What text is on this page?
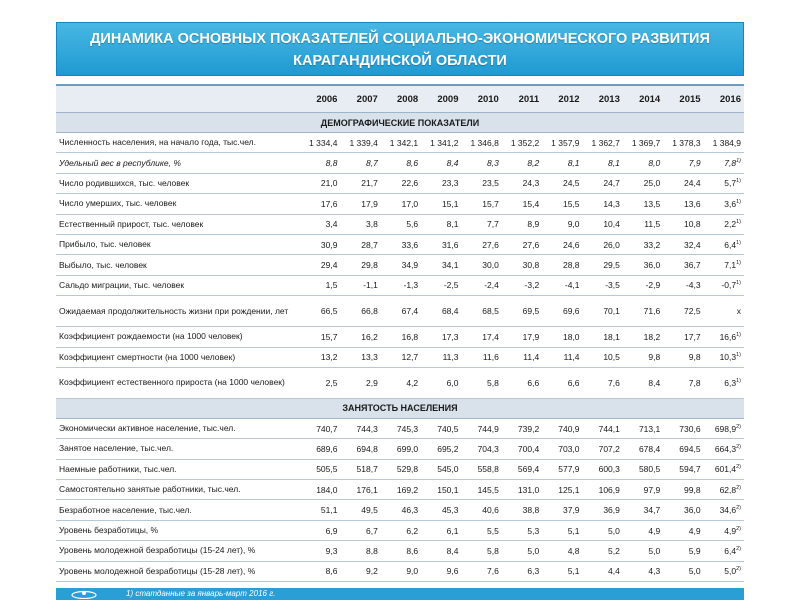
ДИНАМИКА ОСНОВНЫХ ПОКАЗАТЕЛЕЙ СОЦИАЛЬНО-ЭКОНОМИЧЕСКОГО РАЗВИТИЯ
КАРАГАНДИНСКОЙ ОБЛАСТИ
	2006	2007	2008	2009	2010	2011	2012	2013	2014	2015	2016
ДЕМОГРАФИЧЕСКИЕ ПОКАЗАТЕЛИ											
Численность населения, на начало года, тыс.чел.	1 334,4	1 339,4	1 342,1	1 341,2	1 346,8	1 352,2	1 357,9	1 362,7	1 369,7	1 378,3	1 384,9
Удельный вес в республике, %	8,8	8,7	8,6	8,4	8,3	8,2	8,1	8,1	8,0	7,9	7,8$^{1)}$
Число родившихся, тыс. человек	21,0	21,7	22,6	23,3	23,5	24,3	24,5	24,7	25,0	24,4	5,7$^{1)}$
Число умерших, тыс. человек	17,6	17,9	17,0	15,1	15,7	15,4	15,5	14,3	13,5	13,6	3,6$^{1)}$
Естественный прирост, тыс. человек	3,4	3,8	5,6	8,1	7,7	8,9	9,0	10,4	11,5	10,8	2,2$^{1)}$
Прибыло, тыс. человек	30,9	28,7	33,6	31,6	27,6	27,6	24,6	26,0	33,2	32,4	6,4$^{1)}$
Выбыло, тыс. человек	29,4	29,8	34,9	34,1	30,0	30,8	28,8	29,5	36,0	36,7	7,1$^{1)}$
Сальдо миграции, тыс. человек	1,5	-1,1	-1,3	-2,5	-2,4	-3,2	-4,1	-3,5	-2,9	-4,3	-0,7$^{1)}$
Ожидаемая продолжительность жизни при рождении, лет	66,5	66,8	67,4	68,4	68,5	69,5	69,6	70,1	71,6	72,5	x
Коэффициент рождаемости (на 1000 человек)	15,7	16,2	16,8	17,3	17,4	17,9	18,0	18,1	18,2	17,7	16,6$^{1)}$
Коэффициент смертности (на 1000 человек)	13,2	13,3	12,7	11,3	11,6	11,4	11,4	10,5	9,8	9,8	10,3$^{1)}$
Коэффициент естественного прироста (на 1000 человек)	2,5	2,9	4,2	6,0	5,8	6,6	6,6	7,6	8,4	7,8	6,3$^{1)}$
ЗАНЯТОСТЬ НАСЕЛЕНИЯ											
Экономически активное население, тыс.чел.	740,7	744,3	745,3	740,5	744,9	739,2	740,9	744,1	713,1	730,6	698,9$^{2)}$
Занятое население, тыс.чел.	689,6	694,8	699,0	695,2	704,3	700,4	703,0	707,2	678,4	694,5	664,3$^{2)}$
Наемные работники, тыс.чел.	505,5	518,7	529,8	545,0	558,8	569,4	577,9	600,3	580,5	594,7	601,4$^{2)}$
Самостоятельно занятые работники, тыс.чел.	184,0	176,1	169,2	150,1	145,5	131,0	125,1	106,9	97,9	99,8	62,8$^{2)}$
Безработное население, тыс.чел.	51,1	49,5	46,3	45,3	40,6	38,8	37,9	36,9	34,7	36,0	34,6$^{2)}$
Уровень безработицы, %	6,9	6,7	6,2	6,1	5,5	5,3	5,1	5,0	4,9	4,9	4,9$^{2)}$
Уровень молодежной безработицы (15-24 лет), %	9,3	8,8	8,6	8,4	5,8	5,0	4,8	5,2	5,0	5,9	6,4$^{2)}$
Уровень молодежной безработицы (15-28 лет), %	8,6	9,2	9,0	9,6	7,6	6,3	5,1	4,4	4,3	5,0	5,0$^{2)}$
1) статданные за январь-март 2016 г.
